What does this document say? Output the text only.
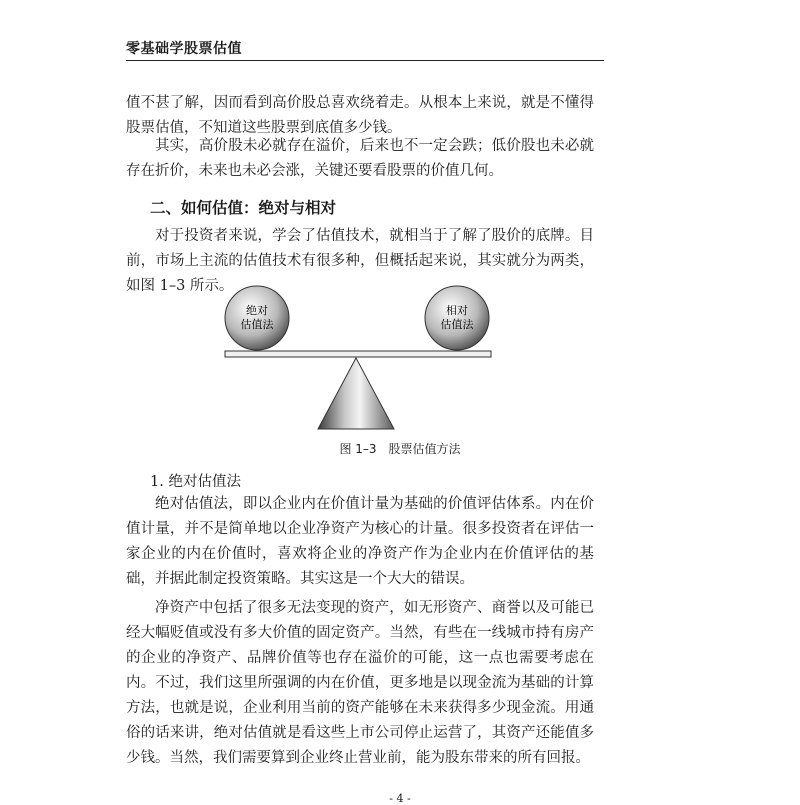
零基础学股票估值
值不甚了解，因而看到高价股总喜欢绕着走。从根本上来说，就是不懂得股票估值，不知道这些股票到底值多少钱。
其实，高价股未必就存在溢价，后来也不一定会跌；低价股也未必就存在折价，未来也未必会涨，关键还要看股票的价值几何。
二、如何估值：绝对与相对
对于投资者来说，学会了估值技术，就相当于了解了股价的底牌。目前，市场上主流的估值技术有很多种，但概括起来说，其实就分为两类，如图 1–3 所示。
绝对
估值法
相对
估值法
图 1–3　股票估值方法
1. 绝对估值法
绝对估值法，即以企业内在价值计量为基础的价值评估体系。内在价值计量，并不是简单地以企业净资产为核心的计量。很多投资者在评估一家企业的内在价值时，喜欢将企业的净资产作为企业内在价值评估的基础，并据此制定投资策略。其实这是一个大大的错误。
净资产中包括了很多无法变现的资产，如无形资产、商誉以及可能已经大幅贬值或没有多大价值的固定资产。当然，有些在一线城市持有房产的企业的净资产、品牌价值等也存在溢价的可能，这一点也需要考虑在内。不过，我们这里所强调的内在价值，更多地是以现金流为基础的计算方法，也就是说，企业利用当前的资产能够在未来获得多少现金流。用通俗的话来讲，绝对估值就是看这些上市公司停止运营了，其资产还能值多少钱。当然，我们需要算到企业终止营业前，能为股东带来的所有回报。
- 4 -
